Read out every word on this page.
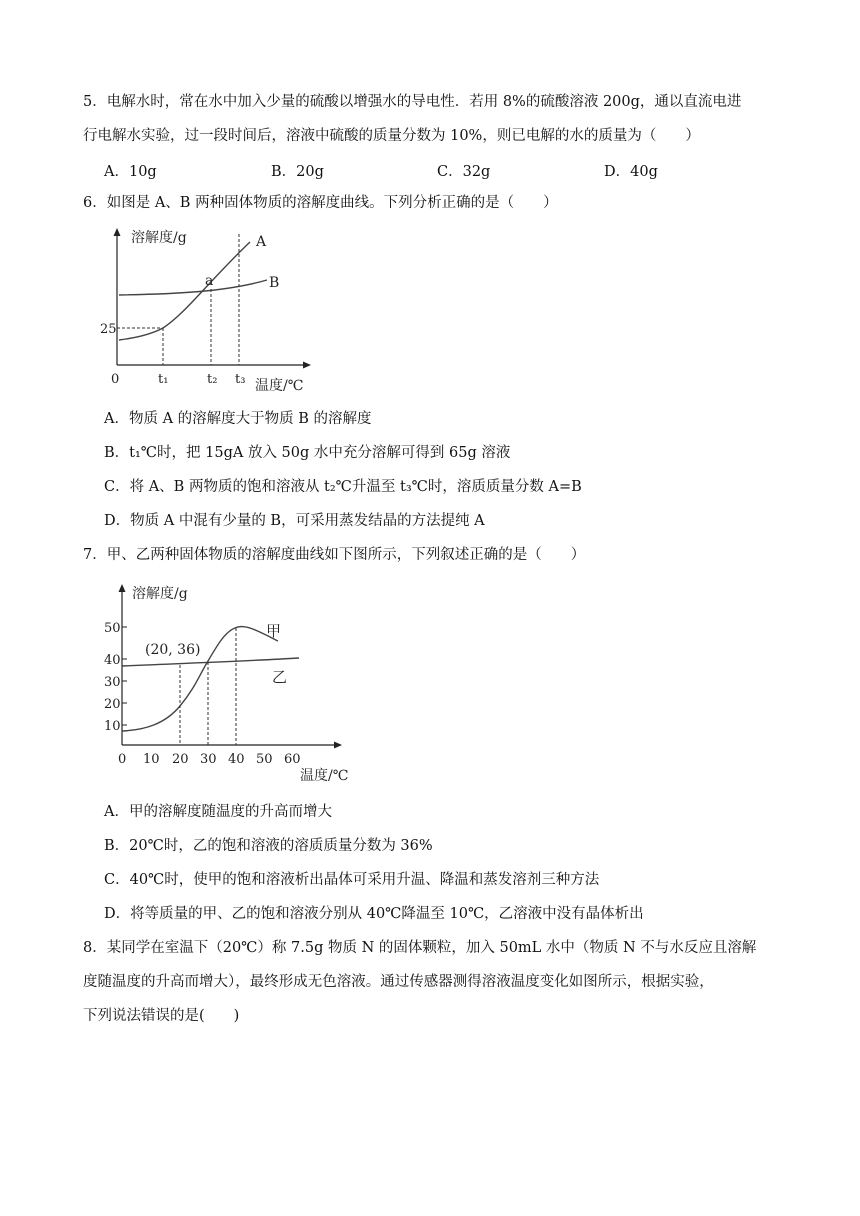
5．电解水时，常在水中加入少量的硫酸以增强水的导电性．若用 8%的硫酸溶液 200g，通以直流电进
行电解水实验，过一段时间后，溶液中硫酸的质量分数为 10%，则已电解的水的质量为（　　）
A．10g	B．20g	C．32g	D．40g
6．如图是 A、B 两种固体物质的溶解度曲线。下列分析正确的是（　　）
溶解度/g	A
B
a
25
0	t₁	t₂ t₃ 温度/℃
A．物质 A 的溶解度大于物质 B 的溶解度
B．t₁℃时，把 15gA 放入 50g 水中充分溶解可得到 65g 溶液
C．将 A、B 两物质的饱和溶液从 t₂℃升温至 t₃℃时，溶质质量分数 A=B
D．物质 A 中混有少量的 B，可采用蒸发结晶的方法提纯 A
7．甲、乙两种固体物质的溶解度曲线如下图所示，下列叙述正确的是（　　）
溶解度/g
(20, 36)
甲
乙
10
20
30
40
50
0 10 20 30 40 50 60
温度/℃
A．甲的溶解度随温度的升高而增大
B．20℃时，乙的饱和溶液的溶质质量分数为 36%
C．40℃时，使甲的饱和溶液析出晶体可采用升温、降温和蒸发溶剂三种方法
D．将等质量的甲、乙的饱和溶液分别从 40℃降温至 10℃，乙溶液中没有晶体析出
8．某同学在室温下（20℃）称 7.5g 物质 N 的固体颗粒，加入 50mL 水中（物质 N 不与水反应且溶解
度随温度的升高而增大），最终形成无色溶液。通过传感器测得溶液温度变化如图所示，根据实验，
下列说法错误的是(　　)
